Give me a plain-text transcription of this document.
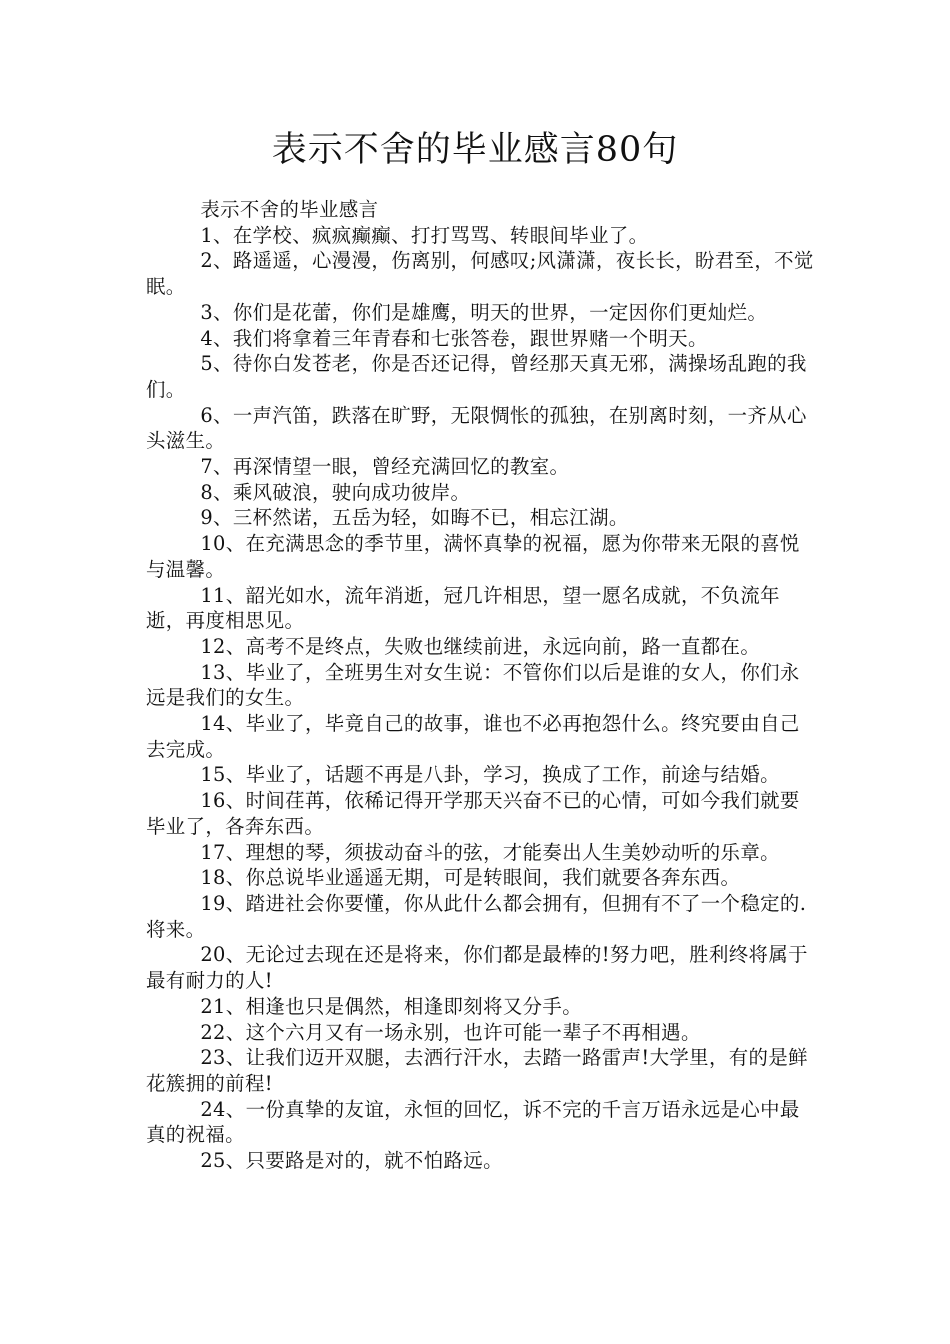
表示不舍的毕业感言80句

表示不舍的毕业感言

1、在学校、疯疯癫癫、打打骂骂、转眼间毕业了。

2、路遥遥，心漫漫，伤离别，何感叹;风潇潇，夜长长，盼君至，不觉眠。

3、你们是花蕾，你们是雄鹰，明天的世界，一定因你们更灿烂。

4、我们将拿着三年青春和七张答卷，跟世界赌一个明天。

5、待你白发苍老，你是否还记得，曾经那天真无邪，满操场乱跑的我们。

6、一声汽笛，跌落在旷野，无限惆怅的孤独，在别离时刻，一齐从心头滋生。

7、再深情望一眼，曾经充满回忆的教室。

8、乘风破浪，驶向成功彼岸。

9、三杯然诺，五岳为轻，如晦不已，相忘江湖。

10、在充满思念的季节里，满怀真挚的祝福，愿为你带来无限的喜悦与温馨。

11、韶光如水，流年消逝，冠几许相思，望一愿名成就，不负流年逝，再度相思见。

12、高考不是终点，失败也继续前进，永远向前，路一直都在。

13、毕业了，全班男生对女生说：不管你们以后是谁的女人，你们永远是我们的女生。

14、毕业了，毕竟自己的故事，谁也不必再抱怨什么。终究要由自己去完成。

15、毕业了，话题不再是八卦，学习，换成了工作，前途与结婚。

16、时间荏苒，依稀记得开学那天兴奋不已的心情，可如今我们就要毕业了，各奔东西。

17、理想的琴，须拔动奋斗的弦，才能奏出人生美妙动听的乐章。

18、你总说毕业遥遥无期，可是转眼间，我们就要各奔东西。

19、踏进社会你要懂，你从此什么都会拥有，但拥有不了一个稳定的.将来。

20、无论过去现在还是将来，你们都是最棒的!努力吧，胜利终将属于最有耐力的人!

21、相逢也只是偶然，相逢即刻将又分手。

22、这个六月又有一场永别，也许可能一辈子不再相遇。

23、让我们迈开双腿，去洒行汗水，去踏一路雷声!大学里，有的是鲜花簇拥的前程!

24、一份真挚的友谊，永恒的回忆，诉不完的千言万语永远是心中最真的祝福。

25、只要路是对的，就不怕路远。
